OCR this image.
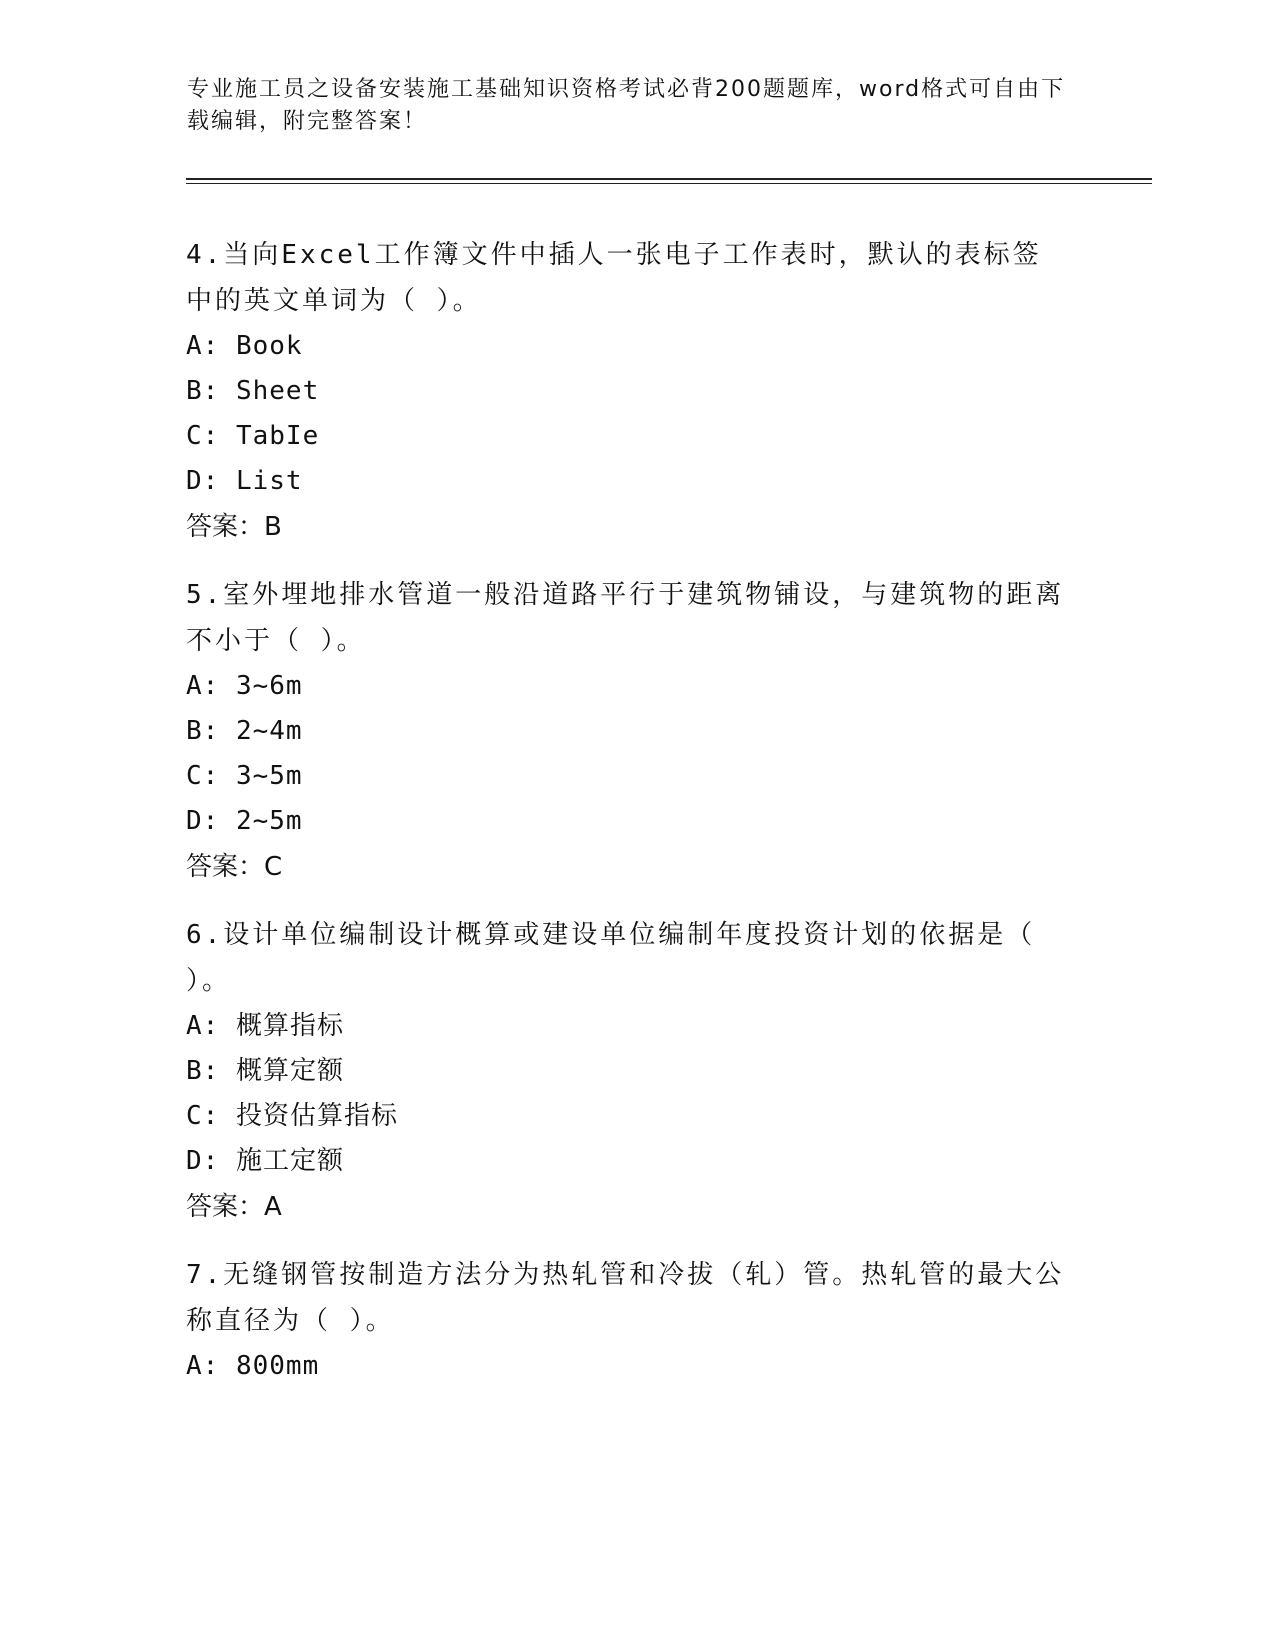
专业施工员之设备安装施工基础知识资格考试必背200题题库，word格式可自由下载编辑，附完整答案！

4.当向Excel工作簿文件中插人一张电子工作表时，默认的表标签中的英文单词为（ ）。

A: Book

B: Sheet

C: TabIe

D: List

答案：B

5.室外埋地排水管道一般沿道路平行于建筑物铺设，与建筑物的距离不小于（ ）。

A: 3~6m

B: 2~4m

C: 3~5m

D: 2~5m

答案：C

6.设计单位编制设计概算或建设单位编制年度投资计划的依据是（ ）。

A: 概算指标

B: 概算定额

C: 投资估算指标

D: 施工定额

答案：A

7.无缝钢管按制造方法分为热轧管和冷拔（轧）管。热轧管的最大公称直径为（ ）。

A: 800mm
